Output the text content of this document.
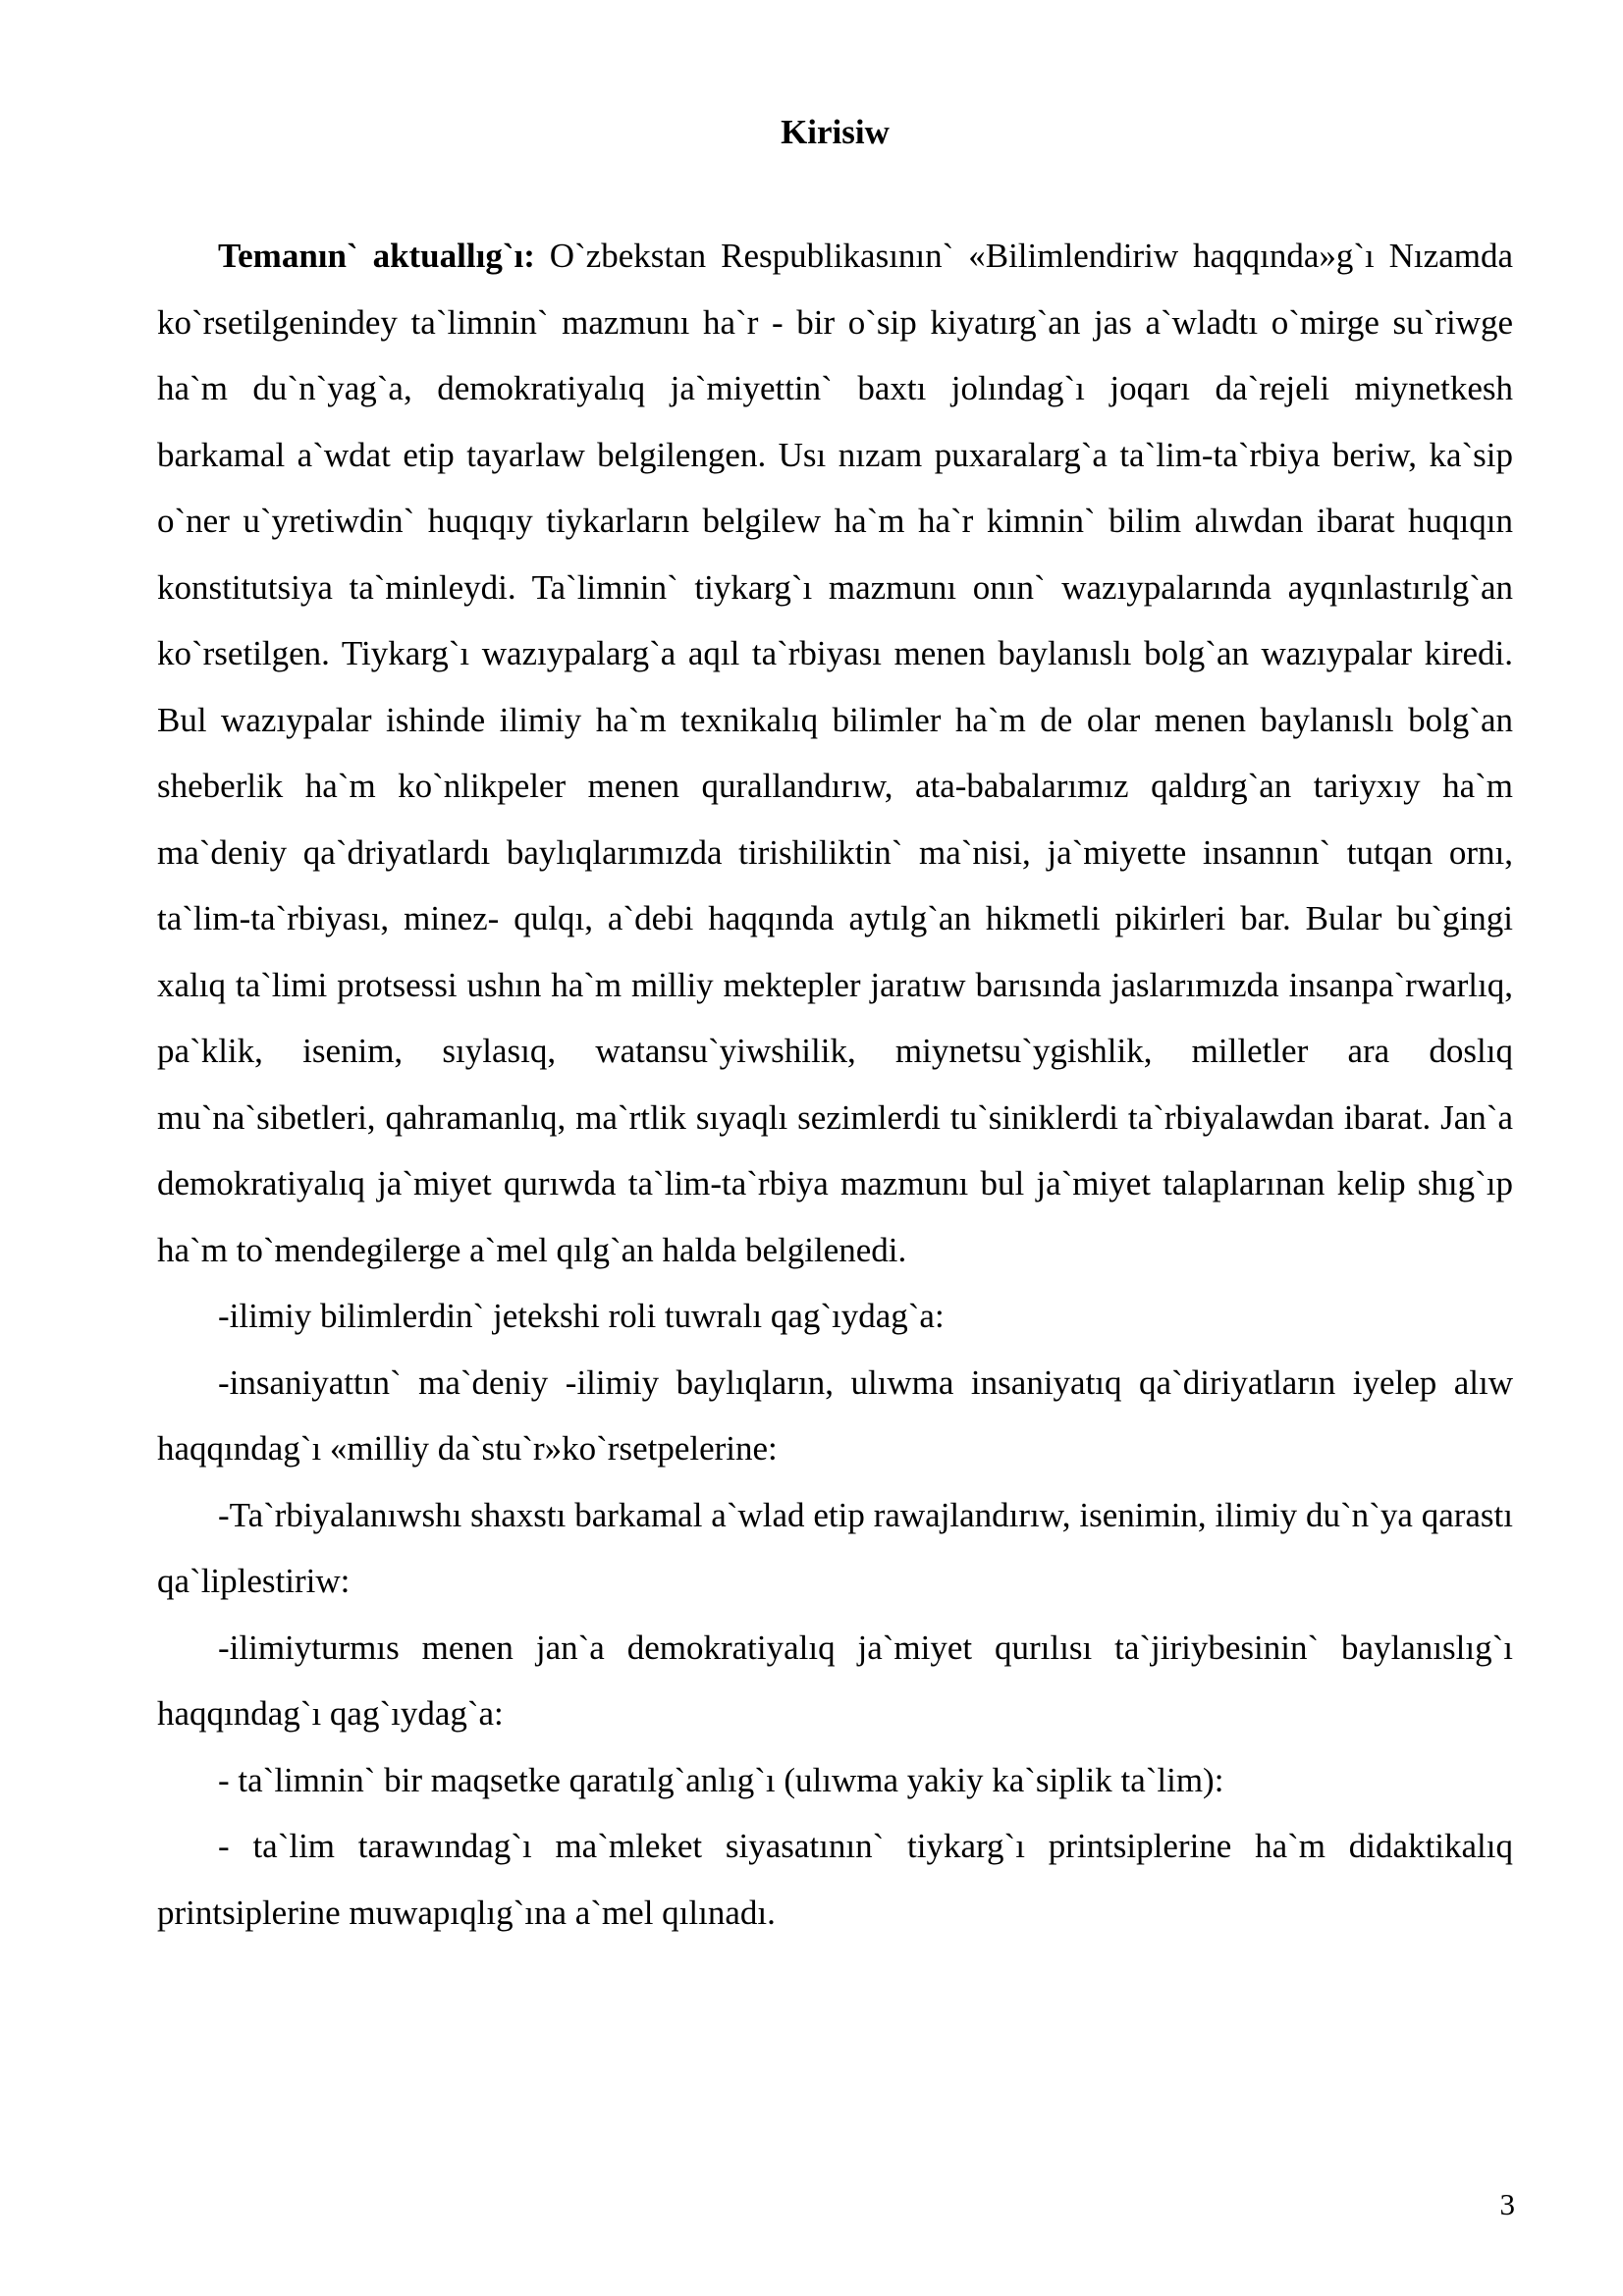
Kirisiw

Temanın` aktuallıg`ı: O`zbekstan Respublikasının` «Bilimlendiriw haqqında»g`ı Nızamda ko`rsetilgenindey ta`limnin` mazmunı ha`r - bir o`sip kiyatırg`an jas a`wladtı o`mirge su`riwge ha`m du`n`yag`a, demokratiyalıq ja`miyettin` baxtı jolındag`ı joqarı da`rejeli miynetkesh barkamal a`wdat etip tayarlaw belgilengen. Usı nızam puxaralarg`a ta`lim-ta`rbiya beriw, ka`sip o`ner u`yretiwdin` huqıqıy tiykarların belgilew ha`m ha`r kimnin` bilim alıwdan ibarat huqıqın konstitutsiya ta`minleydi. Ta`limnin` tiykarg`ı mazmunı onın` wazıypalarında ayqınlastırılg`an ko`rsetilgen. Tiykarg`ı wazıypalarg`a aqıl ta`rbiyası menen baylanıslı bolg`an wazıypalar kiredi. Bul wazıypalar ishinde ilimiy ha`m texnikalıq bilimler ha`m de olar menen baylanıslı bolg`an sheberlik ha`m ko`nlikpeler menen qurallandırıw, ata-babalarımız qaldırg`an tariyxıy ha`m ma`deniy qa`driyatlardı baylıqlarımızda tirishiliktin` ma`nisi, ja`miyette insannın` tutqan ornı, ta`lim-ta`rbiyası, minez- qulqı, a`debi haqqında aytılg`an hikmetli pikirleri bar. Bular bu`gingi xalıq ta`limi protsessi ushın ha`m milliy mektepler jaratıw barısında jaslarımızda insanpa`rwarlıq, pa`klik, isenim, sıylasıq, watansu`yiwshilik, miynetsu`ygishlik, milletler ara doslıq mu`na`sibetleri, qahramanlıq, ma`rtlik sıyaqlı sezimlerdi tu`siniklerdi ta`rbiyalawdan ibarat. Jan`a demokratiyalıq ja`miyet qurıwda ta`lim-ta`rbiya mazmunı bul ja`miyet talaplarınan kelip shıg`ıp ha`m to`mendegilerge a`mel qılg`an halda belgilenedi.

-ilimiy bilimlerdin` jetekshi roli tuwralı qag`ıydag`a:

-insaniyattın` ma`deniy -ilimiy baylıqların, ulıwma insaniyatıq qa`diriyatların iyelep alıw haqqındag`ı «milliy da`stu`r»ko`rsetpelerine:

-Ta`rbiyalanıwshı shaxstı barkamal a`wlad etip rawajlandırıw, isenimin, ilimiy du`n`ya qarastı qa`liplestiriw:

-ilimiyturmıs menen jan`a demokratiyalıq ja`miyet qurılısı ta`jiriybesinin` baylanıslıg`ı haqqındag`ı qag`ıydag`a:

- ta`limnin` bir maqsetke qaratılg`anlıg`ı (ulıwma yakiy ka`siplik ta`lim):

- ta`lim tarawındag`ı ma`mleket siyasatının` tiykarg`ı printsiplerine ha`m didaktikalıq printsiplerine muwapıqlıg`ına a`mel qılınadı.

3
